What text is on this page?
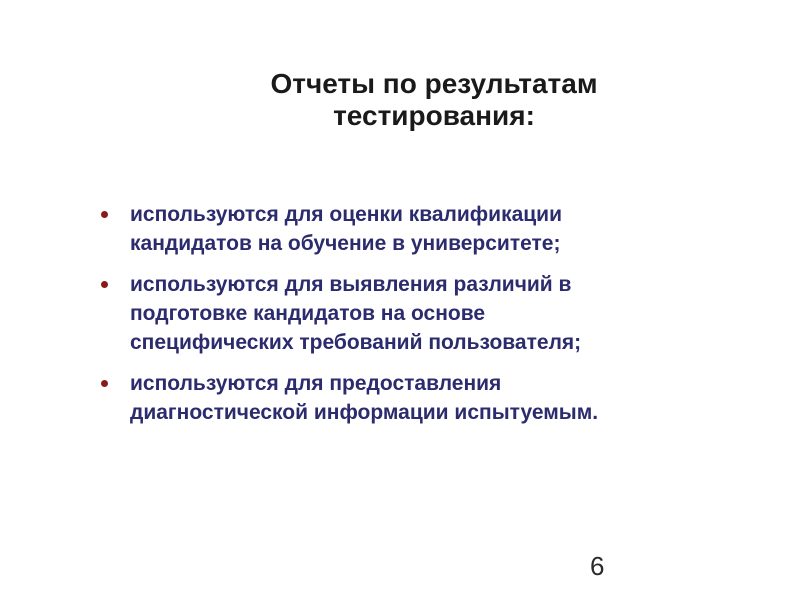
Отчеты по результатам
тестирования:
используются для оценки квалификации
кандидатов на обучение в университете;
используются для выявления различий в
подготовке кандидатов на основе
специфических требований пользователя;
используются для предоставления
диагностической информации испытуемым.
6
